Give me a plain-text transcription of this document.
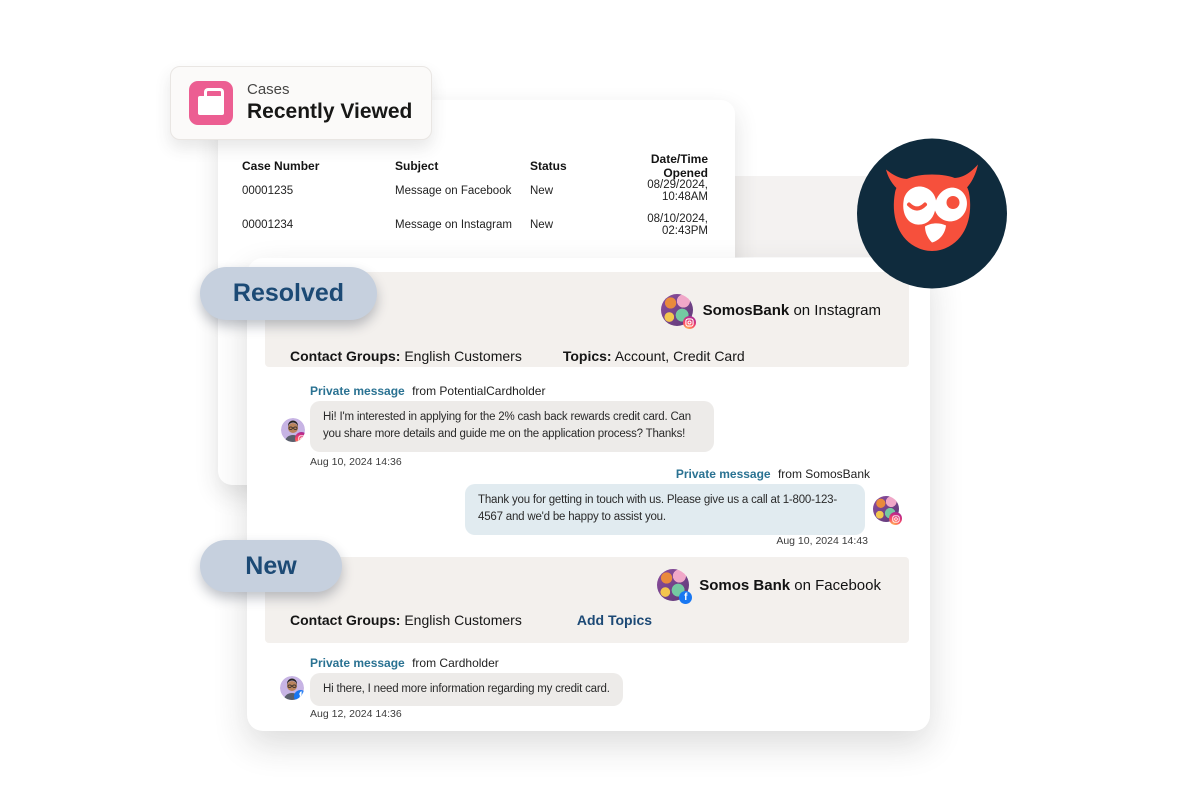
Case Number	Subject	Status	Date/Time Opened
00001235	Message on Facebook	New	08/29/2024, 10:48AM
00001234	Message on Instagram	New	08/10/2024, 02:43PM
Cases
Recently Viewed
SomosBank on Instagram
Contact Groups: English Customers	Topics: Account, Credit Card
Private message from PotentialCardholder
Hi! I'm interested in applying for the 2% cash back rewards credit card. Can you share more details and guide me on the application process? Thanks!
Aug 10, 2024 14:36
Private message from SomosBank
Thank you for getting in touch with us. Please give us a call at 1-800-123-4567 and we'd be happy to assist you.
Aug 10, 2024 14:43
f
Somos Bank on Facebook
Contact Groups: English Customers	Add Topics
Private message from Cardholder
f
Hi there, I need more information regarding my credit card.
Aug 12, 2024 14:36
Resolved
New
